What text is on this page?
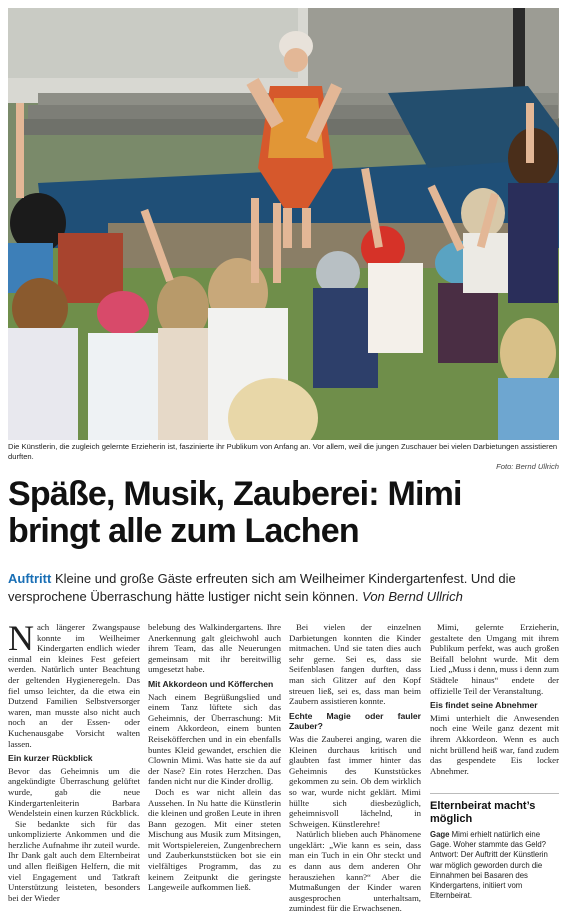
Die Künstlerin, die zugleich gelernte Erzieherin ist, faszinierte ihr Publikum von Anfang an. Vor allem, weil die jungen Zuschauer bei vielen Darbietungen assistieren durften.
Foto: Bernd Ullrich
Späße, Musik, Zauberei: Mimi bringt alle zum Lachen

Auftritt Kleine und große Gäste erfreuten sich am Weilheimer Kindergartenfest. Und die versprochene Überraschung hätte lustiger nicht sein können. Von Bernd Ullrich

Nach längerer Zwangspause konnte im Weilheimer Kindergarten endlich wieder einmal ein kleines Fest gefeiert werden. Natürlich unter Beachtung der geltenden Hygieneregeln. Das fiel umso leichter, da die etwa ein Dutzend Familien Selbstversorger waren, man musste also nicht auch noch an der Essen- oder Kuchenausgabe Vorsicht walten lassen.

Ein kurzer Rückblick

Bevor das Geheimnis um die angekündigte Überraschung gelüftet wurde, gab die neue Kindergartenleiterin Barbara Wendelstein einen kurzen Rückblick.

Sie bedankte sich für das unkomplizierte Ankommen und die herzliche Aufnahme ihr zuteil wurde. Ihr Dank galt auch dem Elternbeirat und allen fleißigen Helfern, die mit viel Engagement und Tatkraft Unterstützung leisteten, besonders bei der Wieder

belebung des Walkindergartens. Ihre Anerkennung galt gleichwohl auch ihrem Team, das alle Neuerungen gemeinsam mit ihr bereitwillig umgesetzt habe.

Mit Akkordeon und Köfferchen

Nach einem Begrüßungslied und einem Tanz lüftete sich das Geheimnis, der Überraschung: Mit einem Akkordeon, einem bunten Reiseköfferchen und in ein ebenfalls buntes Kleid gewandet, erschien die Clownin Mimi. Was hatte sie da auf der Nase? Ein rotes Herzchen. Das fanden nicht nur die Kinder drollig.

Doch es war nicht allein das Aussehen. In Nu hatte die Künstlerin die kleinen und großen Leute in ihren Bann gezogen. Mit einer steten Mischung aus Musik zum Mitsingen, mit Wortspielereien, Zungenbrechern und Zauberkunststücken bot sie ein vielfältiges Programm, das zu keinem Zeitpunkt die geringste Langeweile aufkommen ließ.

Bei vielen der einzelnen Darbietungen konnten die Kinder mitmachen. Und sie taten dies auch sehr gerne. Sei es, dass sie Seifenblasen fangen durften, dass man sich Glitzer auf den Kopf streuen ließ, sei es, dass man beim Zaubern assistieren konnte.

Echte Magie oder fauler Zauber?

Was die Zauberei anging, waren die Kleinen durchaus kritisch und glaubten fast immer hinter das Geheimnis des Kunststückes gekommen zu sein. Ob dem wirklich so war, wurde nicht geklärt. Mimi hüllte sich diesbezüglich, geheimnisvoll lächelnd, in Schweigen. Künstlerehre!

Natürlich blieben auch Phänomene ungeklärt: „Wie kann es sein, dass man ein Tuch in ein Ohr steckt und es dann aus dem anderen Ohr herausziehen kann?“ Aber die Mutmaßungen der Kinder waren ausgesprochen unterhaltsam, zumindest für die Erwachsenen.

Mimi, gelernte Erzieherin, gestaltete den Umgang mit ihrem Publikum perfekt, was auch großen Beifall belohnt wurde. Mit dem Lied „Muss i denn, muss i denn zum Städtele hinaus“ endete der offizielle Teil der Veranstaltung.

Eis findet seine Abnehmer

Mimi unterhielt die Anwesenden noch eine Weile ganz dezent mit ihrem Akkordeon. Wenn es auch nicht brüllend heiß war, fand zudem das gespendete Eis locker Abnehmer.

Elternbeirat macht’s möglich

Gage Mimi erhielt natürlich eine Gage. Woher stammte das Geld? Antwort: Der Auftritt der Künstlerin war möglich geworden durch die Einnahmen bei Basaren des Kindergartens, initiiert vom Elternbeirat.
